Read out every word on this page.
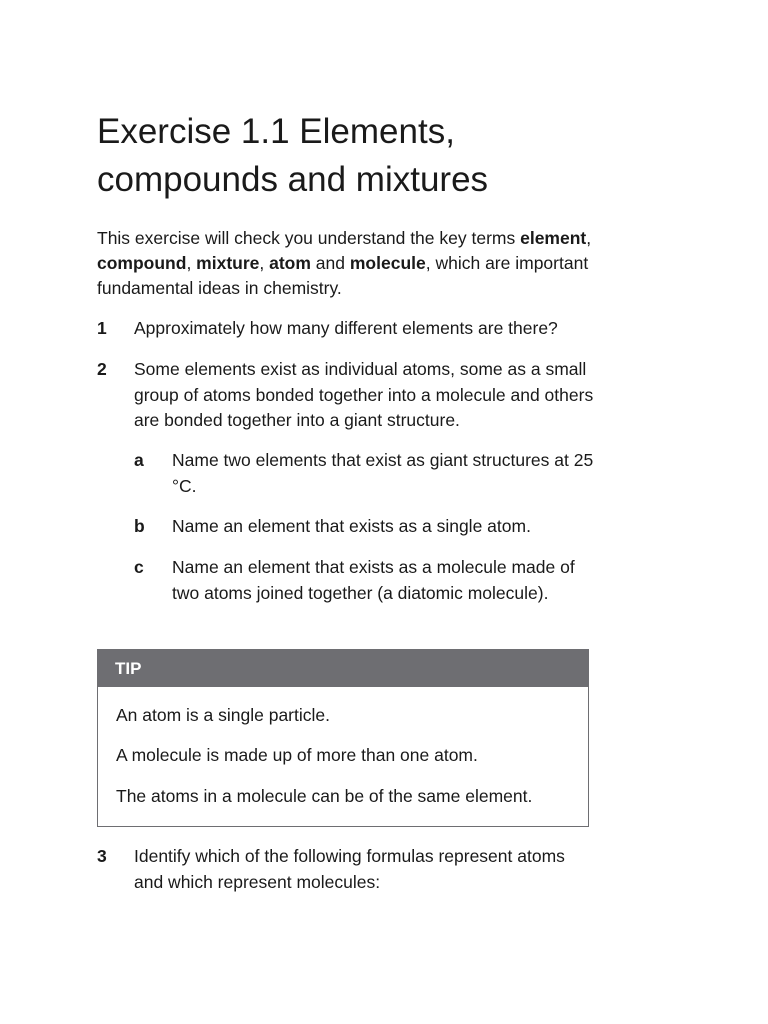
Exercise 1.1 Elements, compounds and mixtures

This exercise will check you understand the key terms element, compound, mixture, atom and molecule, which are important fundamental ideas in chemistry.

1 Approximately how many different elements are there?
2 Some elements exist as individual atoms, some as a small group of atoms bonded together into a molecule and others are bonded together into a giant structure.
a Name two elements that exist as giant structures at 25 °C.
b Name an element that exists as a single atom.
c Name an element that exists as a molecule made of two atoms joined together (a diatomic molecule).
TIP
An atom is a single particle.
A molecule is made up of more than one atom.
The atoms in a molecule can be of the same element.
3 Identify which of the following formulas represent atoms and which represent molecules:
